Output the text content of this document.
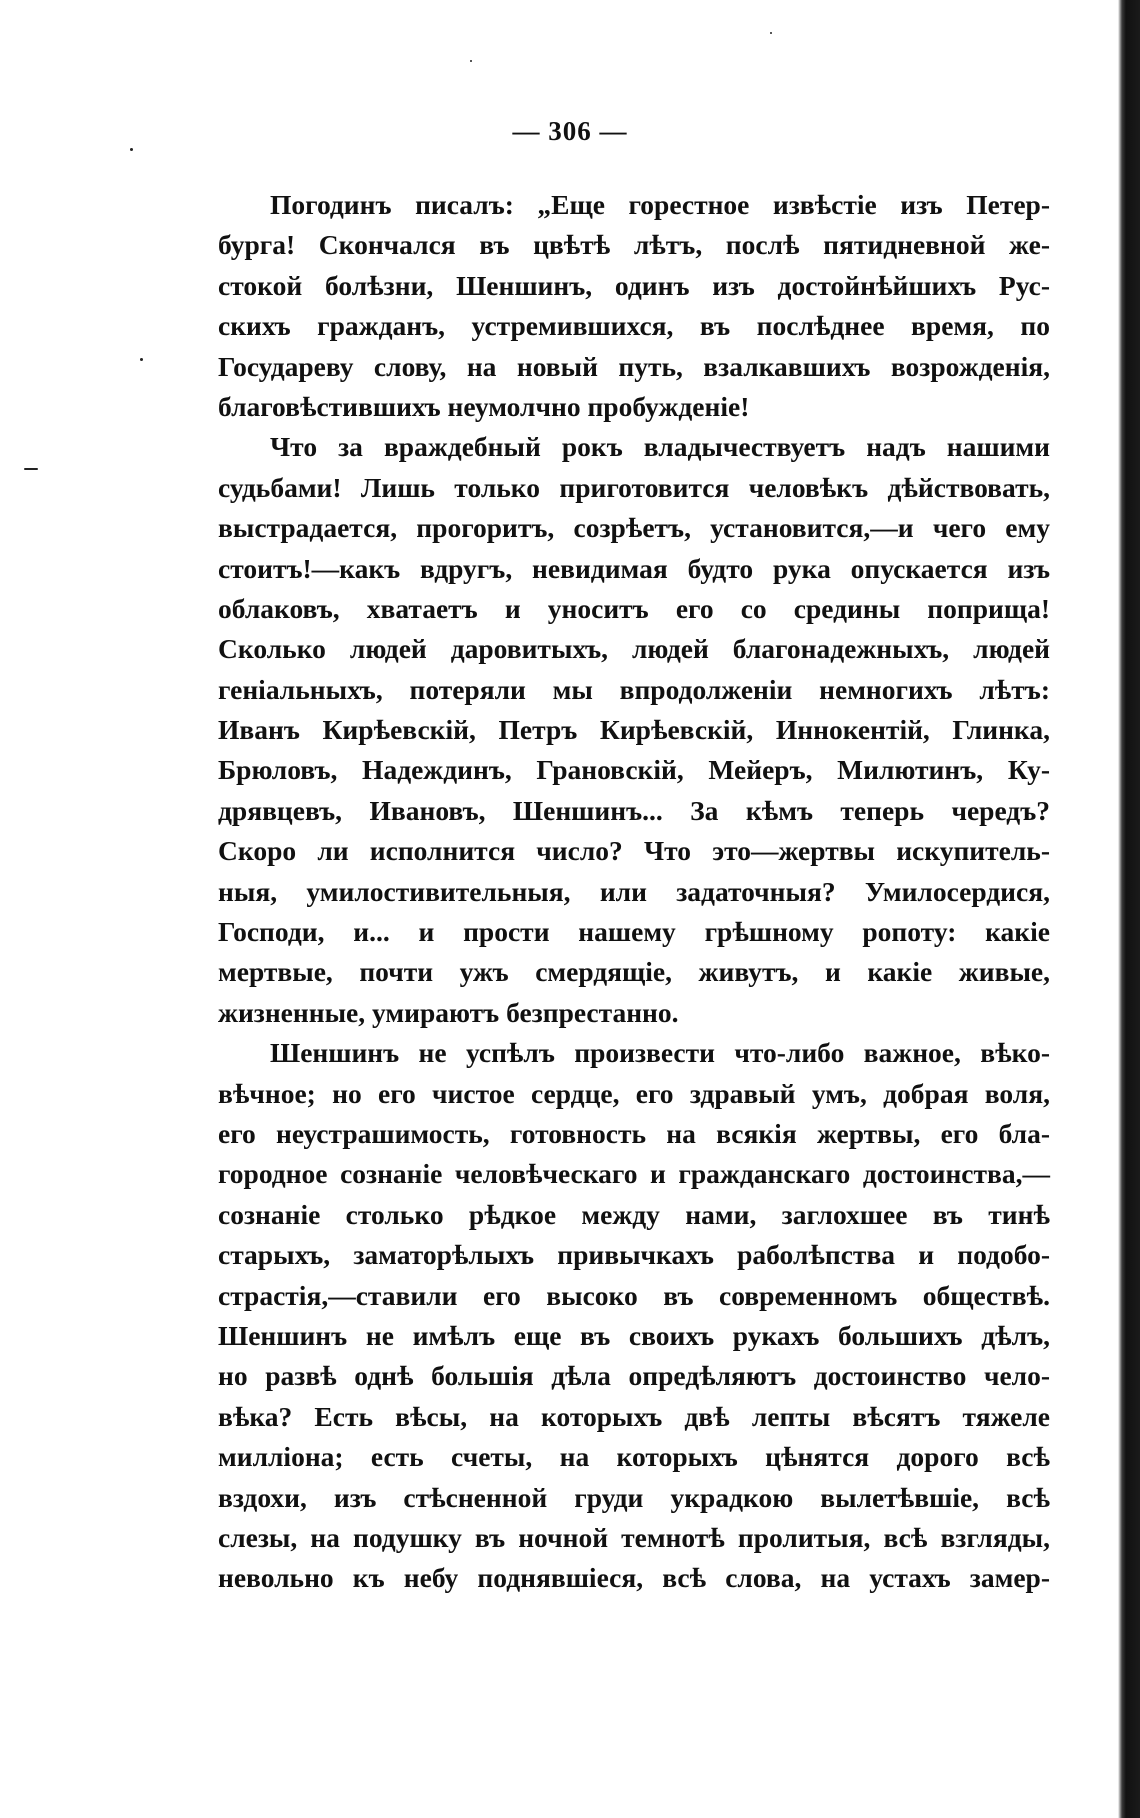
— 306 —
Погодинъ писалъ: „Еще горестное извѣстіе изъ Петер-
бурга! Скончался въ цвѣтѣ лѣтъ, послѣ пятидневной же-
стокой болѣзни, Шеншинъ, одинъ изъ достойнѣйшихъ Рус-
скихъ гражданъ, устремившихся, въ послѣднее время, по
Государеву слову, на новый путь, взалкавшихъ возрожденія,
благовѣстившихъ неумолчно пробужденіе!
Что за враждебный рокъ владычествуетъ надъ нашими
судьбами! Лишь только приготовится человѣкъ дѣйствовать,
выстрадается, прогоритъ, созрѣетъ, установится,—и чего ему
стоитъ!—какъ вдругъ, невидимая будто рука опускается изъ
облаковъ, хватаетъ и уноситъ его со средины поприща!
Сколько людей даровитыхъ, людей благонадежныхъ, людей
геніальныхъ, потеряли мы впродолженіи немногихъ лѣтъ:
Иванъ Кирѣевскій, Петръ Кирѣевскій, Иннокентій, Глинка,
Брюловъ, Надеждинъ, Грановскій, Мейеръ, Милютинъ, Ку-
дрявцевъ, Ивановъ, Шеншинъ... За кѣмъ теперь чередъ?
Скоро ли исполнится число? Что это—жертвы искупитель-
ныя, умилостивительныя, или задаточныя? Умилосердися,
Господи, и... и прости нашему грѣшному ропоту: какіе
мертвые, почти ужъ смердящіе, живутъ, и какіе живые,
жизненные, умираютъ безпрестанно.
Шеншинъ не успѣлъ произвести что-либо важное, вѣко-
вѣчное; но его чистое сердце, его здравый умъ, добрая воля,
его неустрашимость, готовность на всякія жертвы, его бла-
городное сознаніе человѣческаго и гражданскаго достоинства,—
сознаніе столько рѣдкое между нами, заглохшее въ тинѣ
старыхъ, заматорѣлыхъ привычкахъ раболѣпства и подобо-
страстія,—ставили его высоко въ современномъ обществѣ.
Шеншинъ не имѣлъ еще въ своихъ рукахъ большихъ дѣлъ,
но развѣ однѣ большія дѣла опредѣляютъ достоинство чело-
вѣка? Есть вѣсы, на которыхъ двѣ лепты вѣсятъ тяжеле
милліона; есть счеты, на которыхъ цѣнятся дорого всѣ
вздохи, изъ стѣсненной груди украдкою вылетѣвшіе, всѣ
слезы, на подушку въ ночной темнотѣ пролитыя, всѣ взгляды,
невольно къ небу поднявшіеся, всѣ слова, на устахъ замер-
